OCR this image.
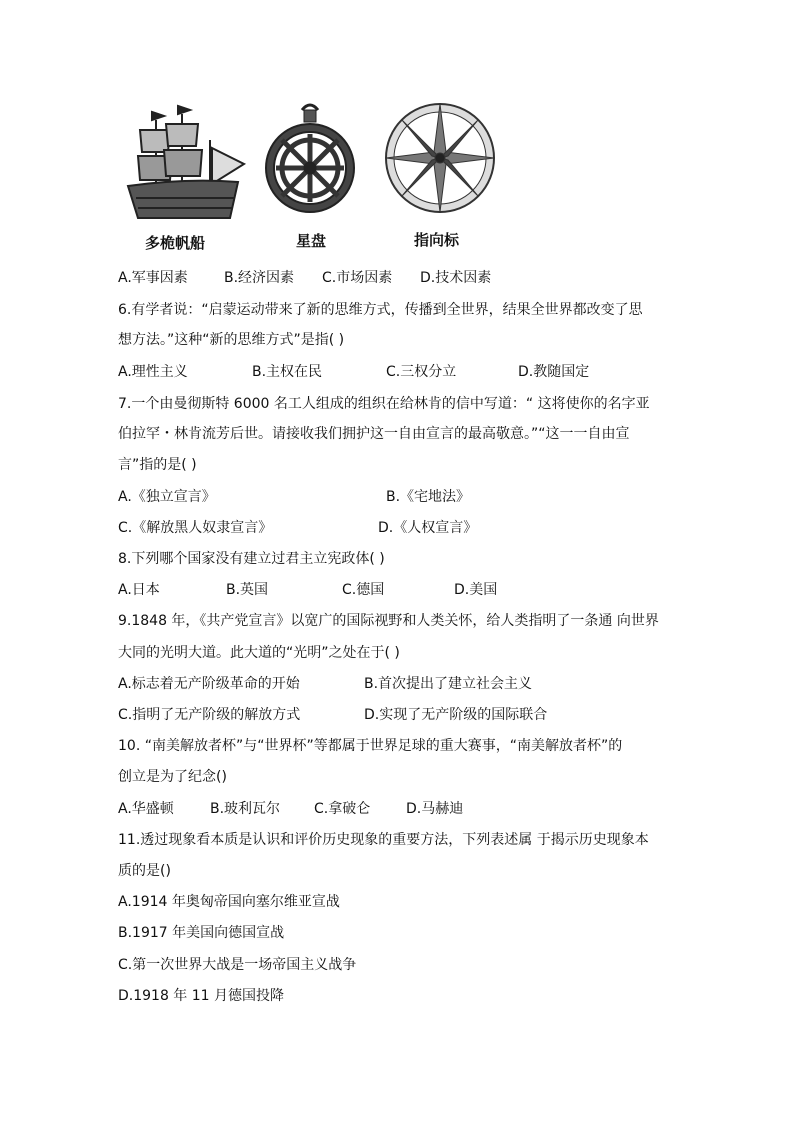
多桅帆船	星盘	指向标
A.军事因素	B.经济因素 C.市场因素 D.技术因素
6.有学者说：“启蒙运动带来了新的思维方式，传播到全世界，结果全世界都改变了思
想方法。”这种“新的思维方式”是指( )
A.理性主义	B.主权在民	C.三权分立	D.教随国定
7.一个由曼彻斯特 6000 名工人组成的组织在给林肯的信中写道：“ 这将使你的名字亚
伯拉罕・林肯流芳后世。请接收我们拥护这一自由宣言的最高敬意。”“这一一自由宣
言”指的是( )
A.《独立宣言》	B.《宅地法》
C.《解放黑人奴隶宣言》	D.《人权宣言》
8.下列哪个国家没有建立过君主立宪政体( )
A.日本	B.英国	C.德国	D.美国
9.1848 年，《共产党宣言》以宽广的国际视野和人类关怀，给人类指明了一条通 向世界
大同的光明大道。此大道的“光明”之处在于( )
A.标志着无产阶级革命的开始	B.首次提出了建立社会主义
C.指明了无产阶级的解放方式	D.实现了无产阶级的国际联合
10. “南美解放者杯”与“世界杯”等都属于世界足球的重大赛事，“南美解放者杯”的
创立是为了纪念()
A.华盛顿	B.玻利瓦尔 C.拿破仑	D.马赫迪
11.透过现象看本质是认识和评价历史现象的重要方法，下列表述属 于揭示历史现象本
质的是()
A.1914 年奥匈帝国向塞尔维亚宣战
B.1917 年美国向德国宣战
C.第一次世界大战是一场帝国主义战争
D.1918 年 11 月德国投降
